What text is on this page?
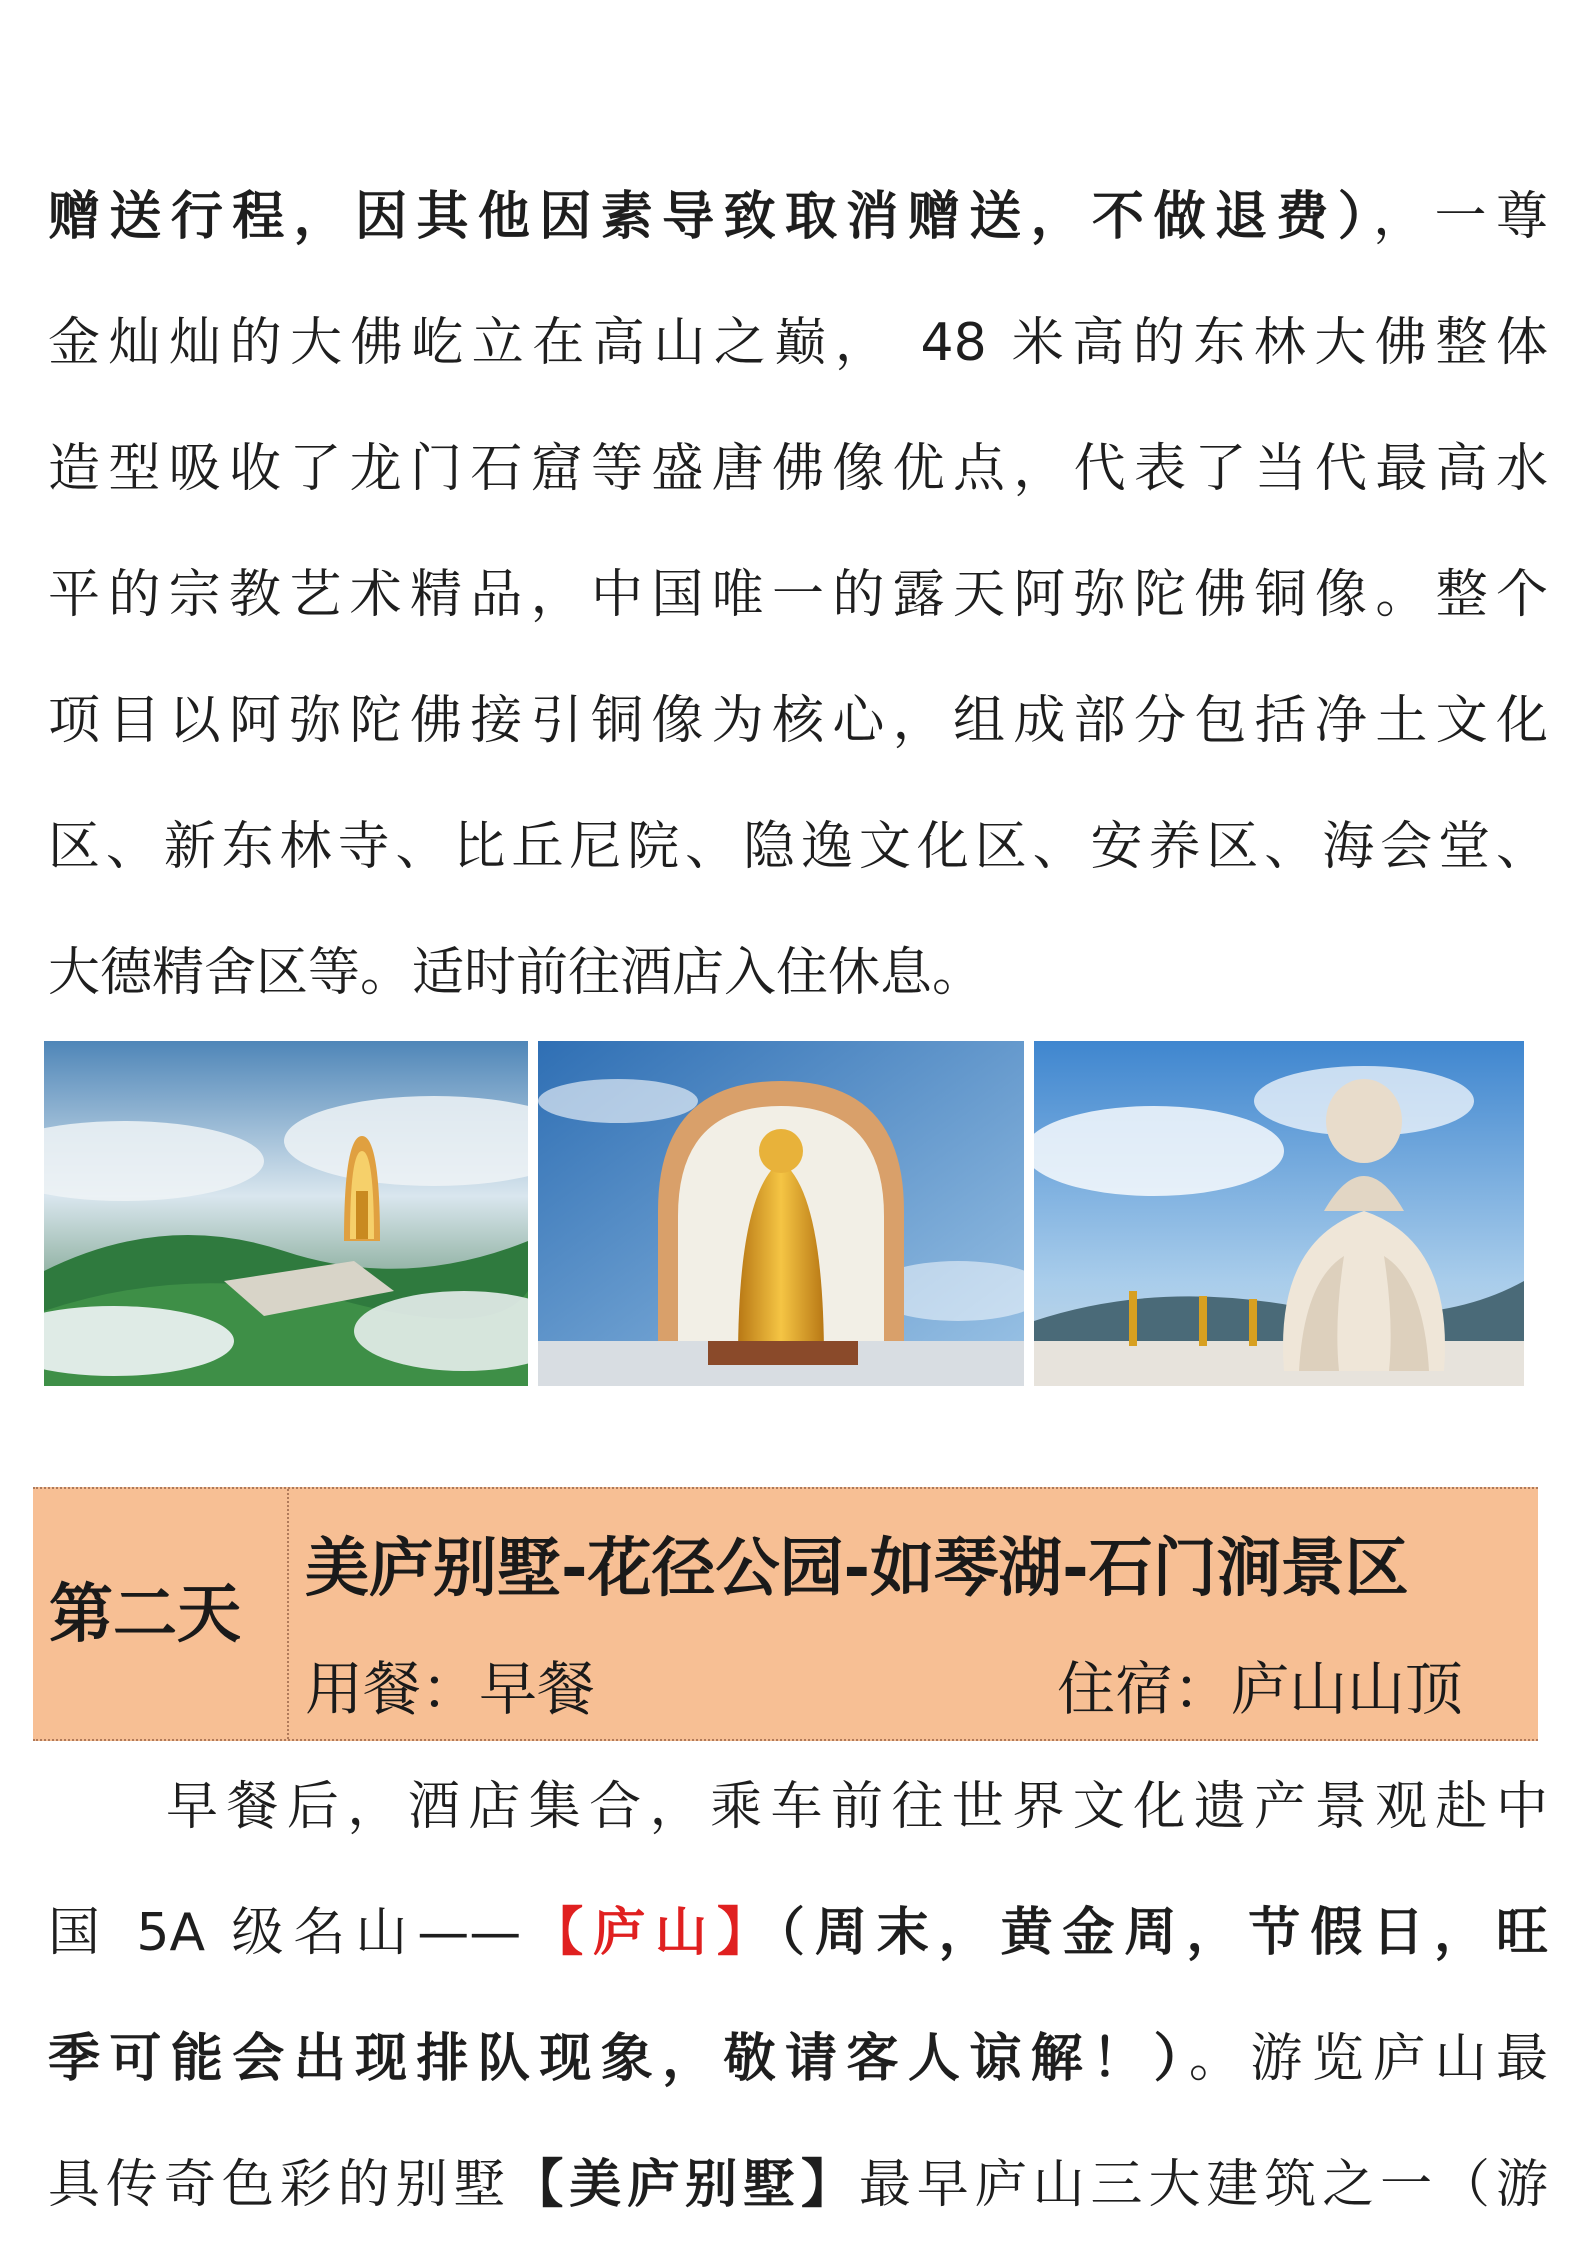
赠送行程，因其他因素导致取消赠送，不做退费），一尊
金灿灿的大佛屹立在高山之巅， 48 米高的东林大佛整体
造型吸收了龙门石窟等盛唐佛像优点，代表了当代最高水
平的宗教艺术精品，中国唯一的露天阿弥陀佛铜像。整个
项目以阿弥陀佛接引铜像为核心，组成部分包括净土文化
区、新东林寺、比丘尼院、隐逸文化区、安养区、海会堂、
大德精舍区等。适时前往酒店入住休息。
第二天
美庐别墅-花径公园-如琴湖-石门涧景区
用餐：早餐	住宿：庐山山顶
早餐后，酒店集合，乘车前往世界文化遗产景观赴中
国 5A 级名山——【庐山】（周末，黄金周，节假日，旺
季可能会出现排队现象，敬请客人谅解！）。游览庐山最
具传奇色彩的别墅【美庐别墅】最早庐山三大建筑之一（游
